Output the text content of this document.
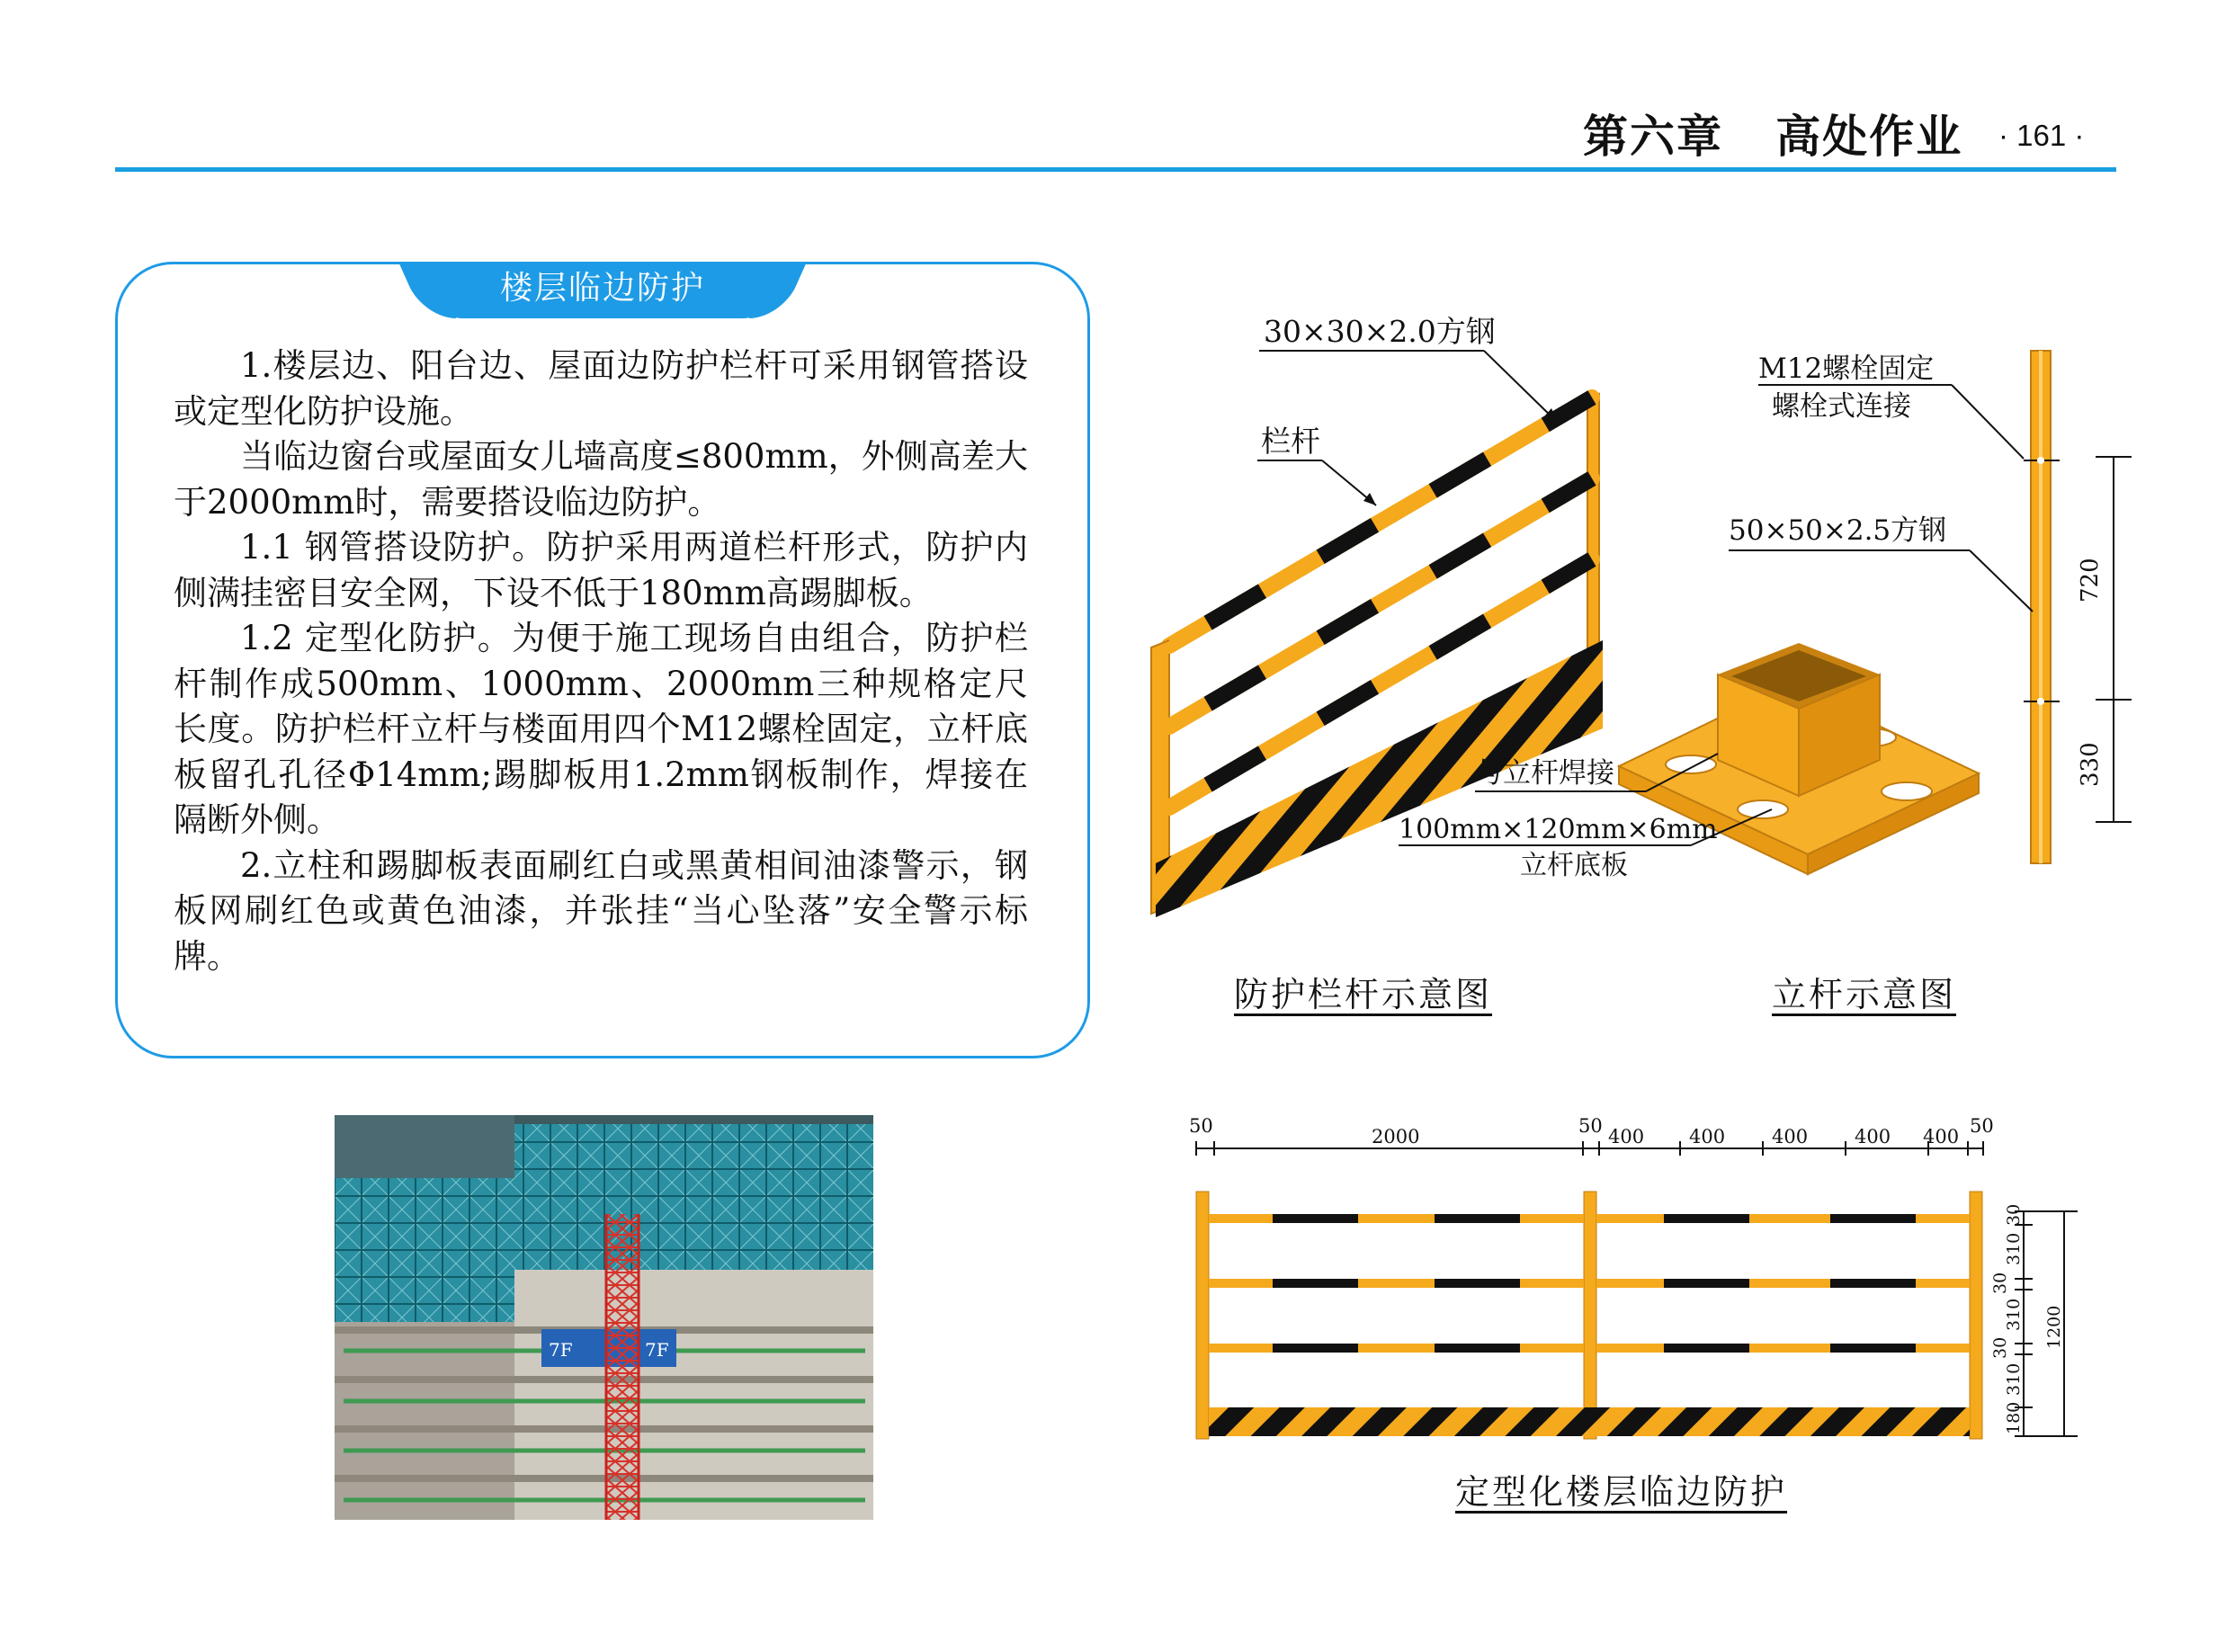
第六章   高处作业 · 161 ·
楼层临边防护

1.楼层边、阳台边、屋面边防护栏杆可采用钢管搭设或定型化防护设施。

当临边窗台或屋面女儿墙高度≤800mm，外侧高差大于2000mm时，需要搭设临边防护。

1.1 钢管搭设防护。防护采用两道栏杆形式，防护内侧满挂密目安全网，下设不低于180mm高踢脚板。

1.2 定型化防护。为便于施工现场自由组合，防护栏杆制作成500mm、1000mm、2000mm三种规格定尺长度。防护栏杆立杆与楼面用四个M12螺栓固定，立杆底板留孔孔径Φ14mm;踢脚板用1.2mm钢板制作，焊接在隔断外侧。

2.立柱和踢脚板表面刷红白或黑黄相间油漆警示，钢板网刷红色或黄色油漆，并张挂“当心坠落”安全警示标牌。

7F	7F
30×30×2.0方钢
栏杆
与立杆焊接
100mm×120mm×6mm
立杆底板
M12螺栓固定
螺栓式连接
50×50×2.5方钢
720
330
防护栏杆示意图	立杆示意图
50	2000	50 400 400 400 400 400 50
30
310
30
310
30
310
180
1200
定型化楼层临边防护
